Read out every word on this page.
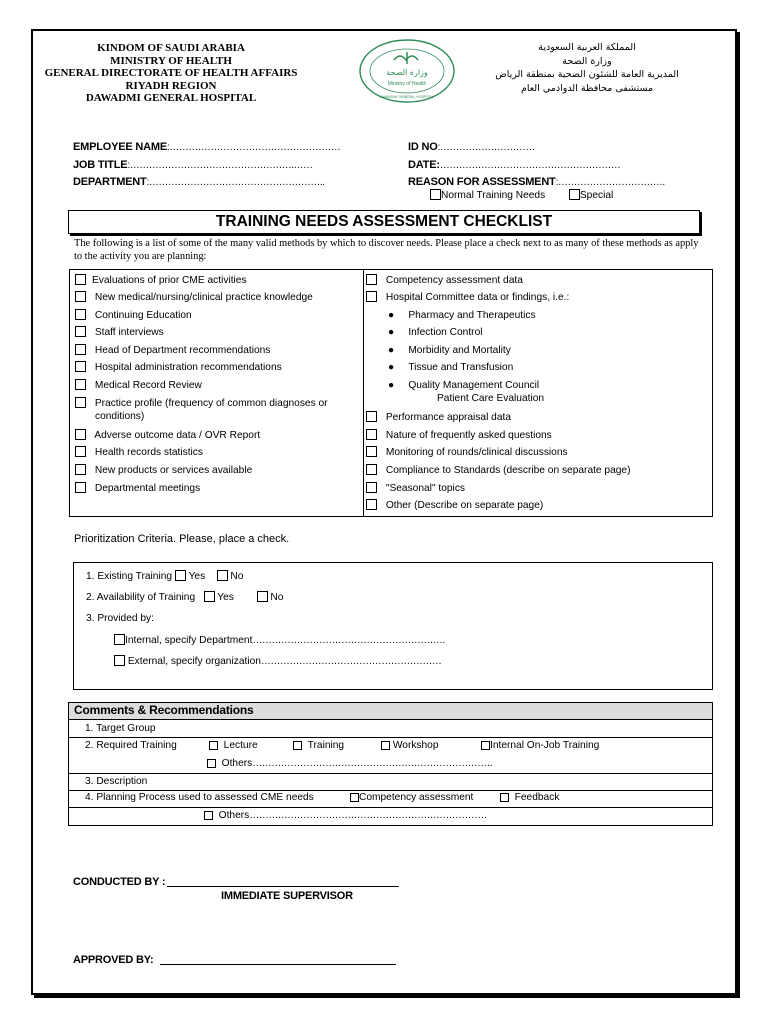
KINDOM OF SAUDI ARABIA
MINISTRY OF HEALTH
GENERAL DIRECTORATE OF HEALTH AFFAIRS
RIYADH REGION
DAWADMI GENERAL HOSPITAL
وزارة الصحة
Ministry of Health
DAWADMI GENERAL HOSPITAL
المملكة العربية السعودية
وزارة الصحة
المديرية العامة للشئون الصحية بمنطقة الرياض
مستشفى محافظة الدوادمي العام
EMPLOYEE NAME:………………………………………………	ID NO:…………………………
JOB TITLE:…………………………………………….……	DATE:…………………………………………………
DEPARTMENT:………………………………………………..	REASON FOR ASSESSMENT:…………………………….
Normal Training Needs	Special
TRAINING NEEDS ASSESSMENT CHECKLIST
The following is a list of some of the many valid methods by which to discover needs. Please place a check next to as many of these methods as apply to the activity you are planning:
Evaluations of prior CME activities
New medical/nursing/clinical practice knowledge
Continuing Education
Staff interviews
Head of Department recommendations
Hospital administration recommendations
Medical Record Review
Practice profile (frequency of common diagnoses or
conditions)
Adverse outcome data / OVR Report
Health records statistics
New products or services available
Departmental meetings
Competency assessment data
Hospital Committee data or findings, i.e.:
●     Pharmacy and Therapeutics
●     Infection Control
●     Morbidity and Mortality
●     Tissue and Transfusion
●     Quality Management Council
Patient Care Evaluation
Performance appraisal data
Nature of frequently asked questions
Monitoring of rounds/clinical discussions
Compliance to Standards (describe on separate page)
"Seasonal" topics
Other (Describe on separate page)
Prioritization Criteria. Please, place a check.
1. Existing Training Yes No
2. Availability of Training Yes	No
3. Provided by:
Internal, specify Department…………………………………………………….
External, specify organization…………………………………………………
Comments & Recommendations
1. Target Group
2. Required Training	Lecture	Training	Workshop	Internal On-Job Training
Others………………………………………………………………….
3. Description
4. Planning Process used to assessed CME needs	Competency assessment	Feedback
Others…………………………………………………………………
CONDUCTED BY :
IMMEDIATE SUPERVISOR
APPROVED BY:
